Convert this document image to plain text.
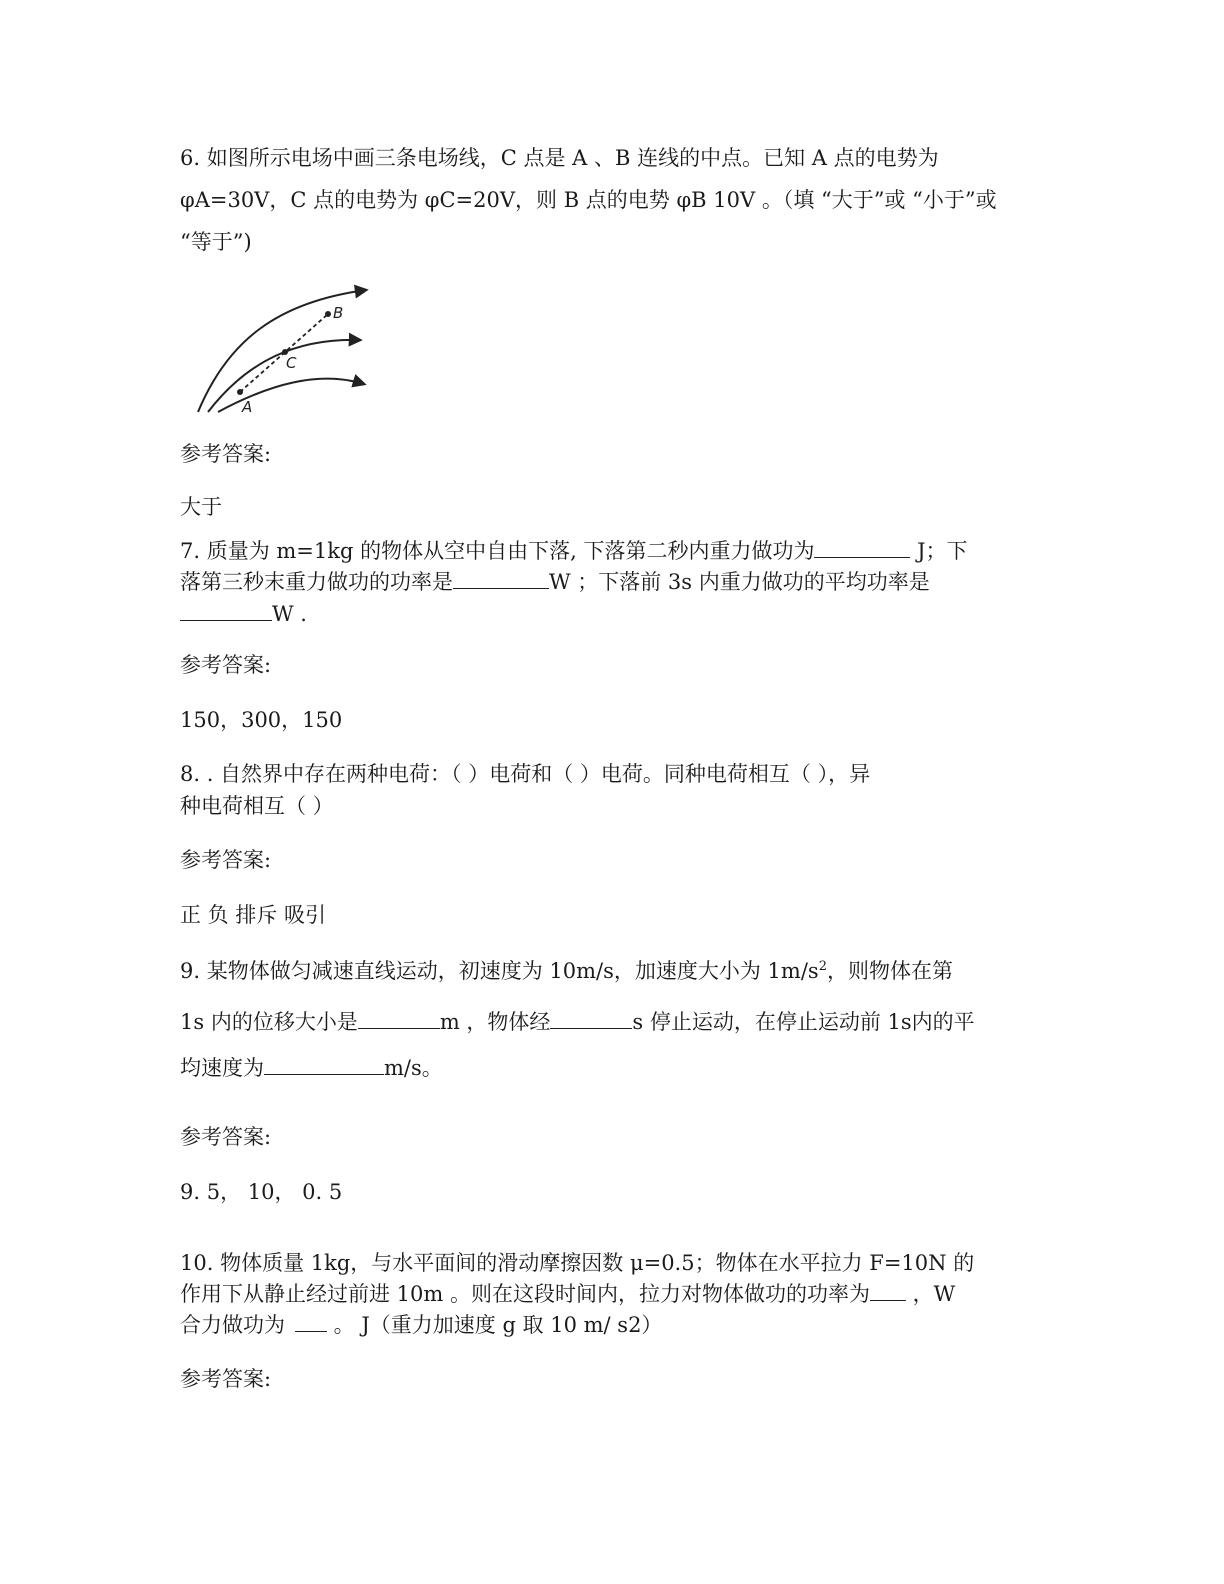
6. 如图所示电场中画三条电场线，C 点是 A 、B 连线的中点。已知 A 点的电势为
φA=30V，C 点的电势为 φC=20V，则 B 点的电势 φB 10V 。（填 “大于”或 “小于”或
“等于”)
A
C
B
参考答案:
大于
7. 质量为 m=1kg 的物体从空中自由下落, 下落第二秒内重力做功为	J；下
落第三秒末重力做功的功率是	W ；下落前 3s 内重力做功的平均功率是
W .
参考答案:
150，300，150
8. . 自然界中存在两种电荷：（ ）电荷和（ ）电荷。同种电荷相互（ ），异
种电荷相互（ ）
参考答案:
正 负 排斥 吸引
9. 某物体做匀减速直线运动，初速度为 10m/s，加速度大小为 $1m/s^2$，则物体在第
1s 内的位移大小是	m ，物体经	s 停止运动，在停止运动前 1s内的平
均速度为	m/s。
参考答案:
9. 5， 10， 0. 5
10. 物体质量 1kg，与水平面间的滑动摩擦因数 μ=0.5；物体在水平拉力 F=10N 的
作用下从静止经过前进 10m 。则在这段时间内，拉力对物体做功的功率为 ，W
合力做功为 。 J（重力加速度 g 取 10 m/ s2）
参考答案:
